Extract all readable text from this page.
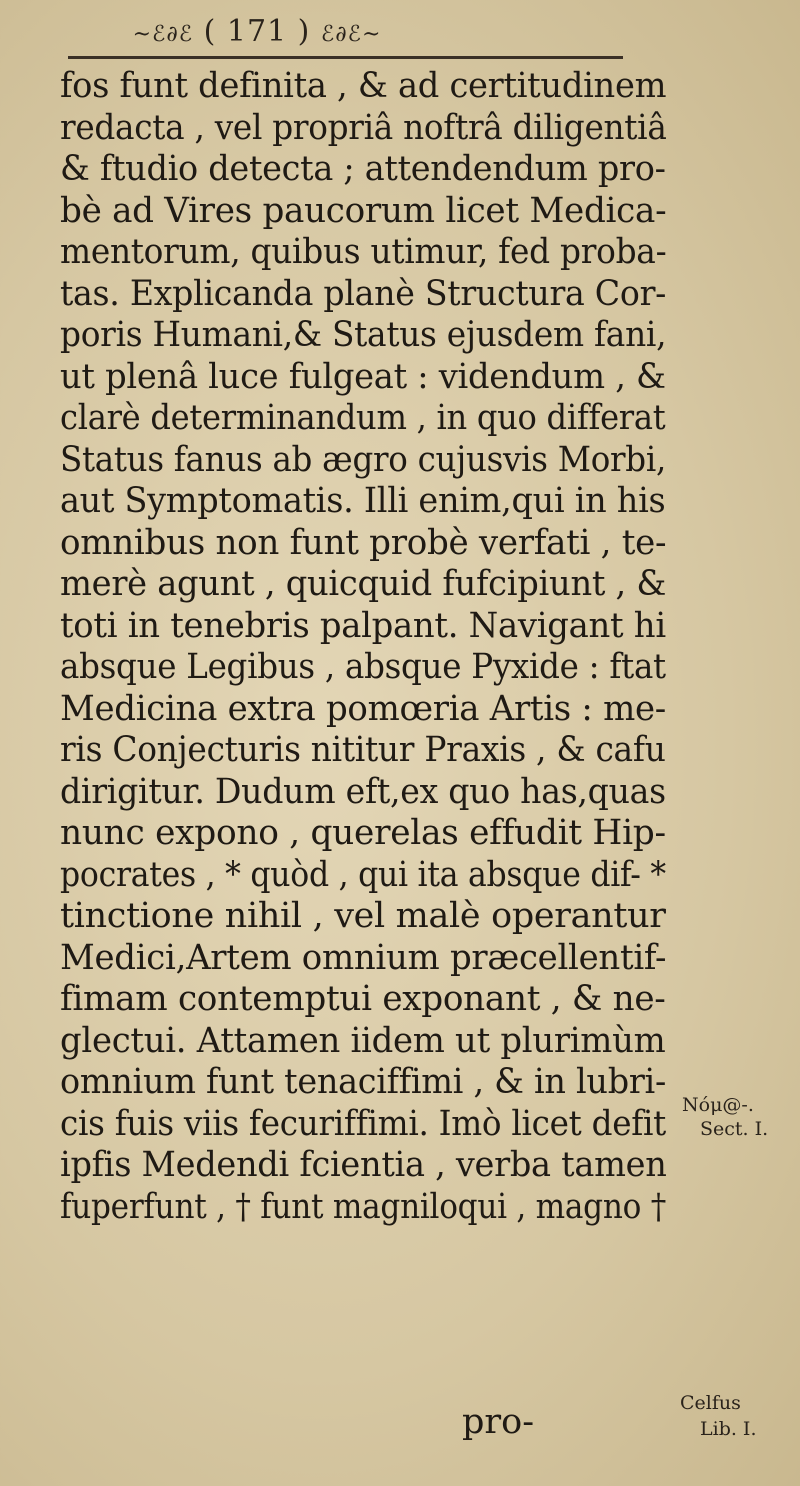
~ℰ∂ℰ ( 171 ) ℰ∂ℰ~
fos funt definita , & ad certitudinem
redacta , vel propriâ noftrâ diligentiâ
& ftudio detecta ; attendendum pro-
bè ad Vires paucorum licet Medica-
mentorum, quibus utimur, fed proba-
tas. Explicanda planè Structura Cor-
poris Humani,& Status ejusdem fani,
ut plenâ luce fulgeat : videndum , &
clarè determinandum , in quo differat
Status fanus ab ægro cujusvis Morbi,
aut Symptomatis. Illi enim,qui in his
omnibus non funt probè verfati , te-
merè agunt , quicquid fufcipiunt , &
toti in tenebris palpant. Navigant hi
absque Legibus , absque Pyxide : ftat
Medicina extra pomœria Artis : me-
ris Conjecturis nititur Praxis , & cafu
dirigitur. Dudum eft,ex quo has,quas
nunc expono , querelas effudit Hip-
pocrates , * quòd , qui ita absque dif- *
tinctione nihil , vel malè operantur
Medici,Artem omnium præcellentif-
fimam contemptui exponant , & ne-
glectui. Attamen iidem ut plurimùm
omnium funt tenaciffimi , & in lubri-
cis fuis viis fecuriffimi. Imò licet defit
ipfis Medendi fcientia , verba tamen
fuperfunt , † funt magniloqui , magno †
pro-
Nóμ@-.
Sect. I.
Celfus
Lib. I.
